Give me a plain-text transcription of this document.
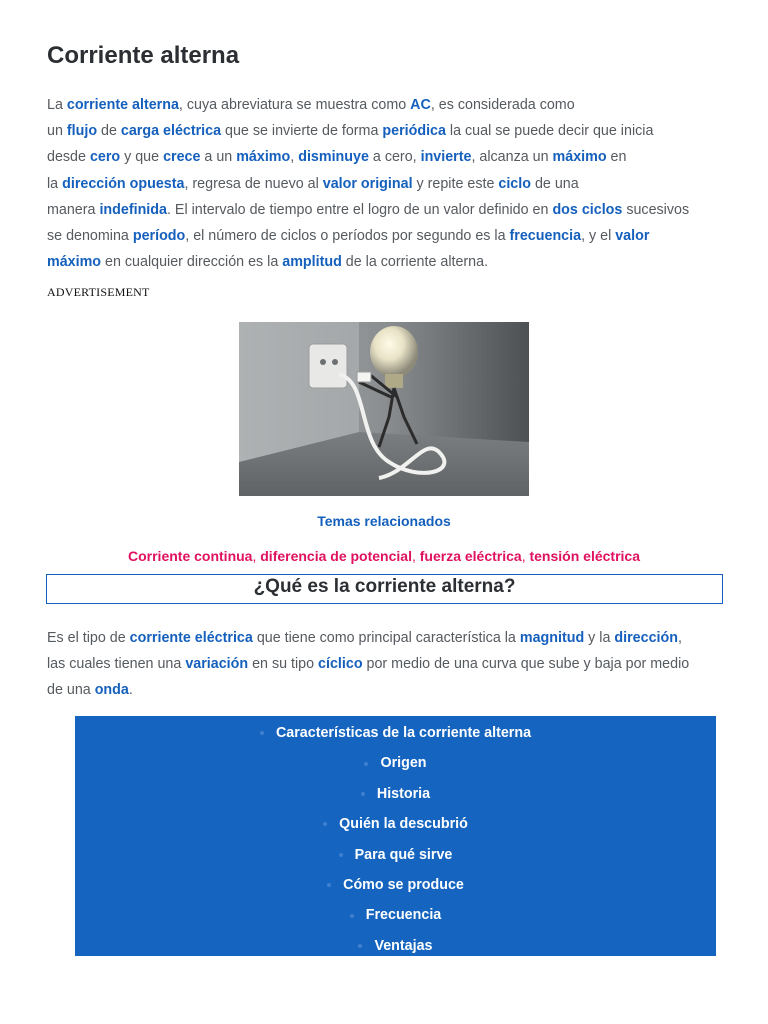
Corriente alterna

La corriente alterna, cuya abreviatura se muestra como AC, es considerada como
un flujo de carga eléctrica que se invierte de forma periódica la cual se puede decir que inicia
desde cero y que crece a un máximo, disminuye a cero, invierte, alcanza un máximo en
la dirección opuesta, regresa de nuevo al valor original y repite este ciclo de una
manera indefinida. El intervalo de tiempo entre el logro de un valor definido en dos ciclos sucesivos
se denomina período, el número de ciclos o períodos por segundo es la frecuencia, y el valor
máximo en cualquier dirección es la amplitud de la corriente alterna.

ADVERTISEMENT
Temas relacionados
Corriente continua, diferencia de potencial, fuerza eléctrica, tensión eléctrica
¿Qué es la corriente alterna?

Es el tipo de corriente eléctrica que tiene como principal característica la magnitud y la dirección,
las cuales tienen una variación en su tipo cíclico por medio de una curva que sube y baja por medio
de una onda.

Características de la corriente alterna
Origen
Historia
Quién la descubrió
Para qué sirve
Cómo se produce
Frecuencia
Ventajas
